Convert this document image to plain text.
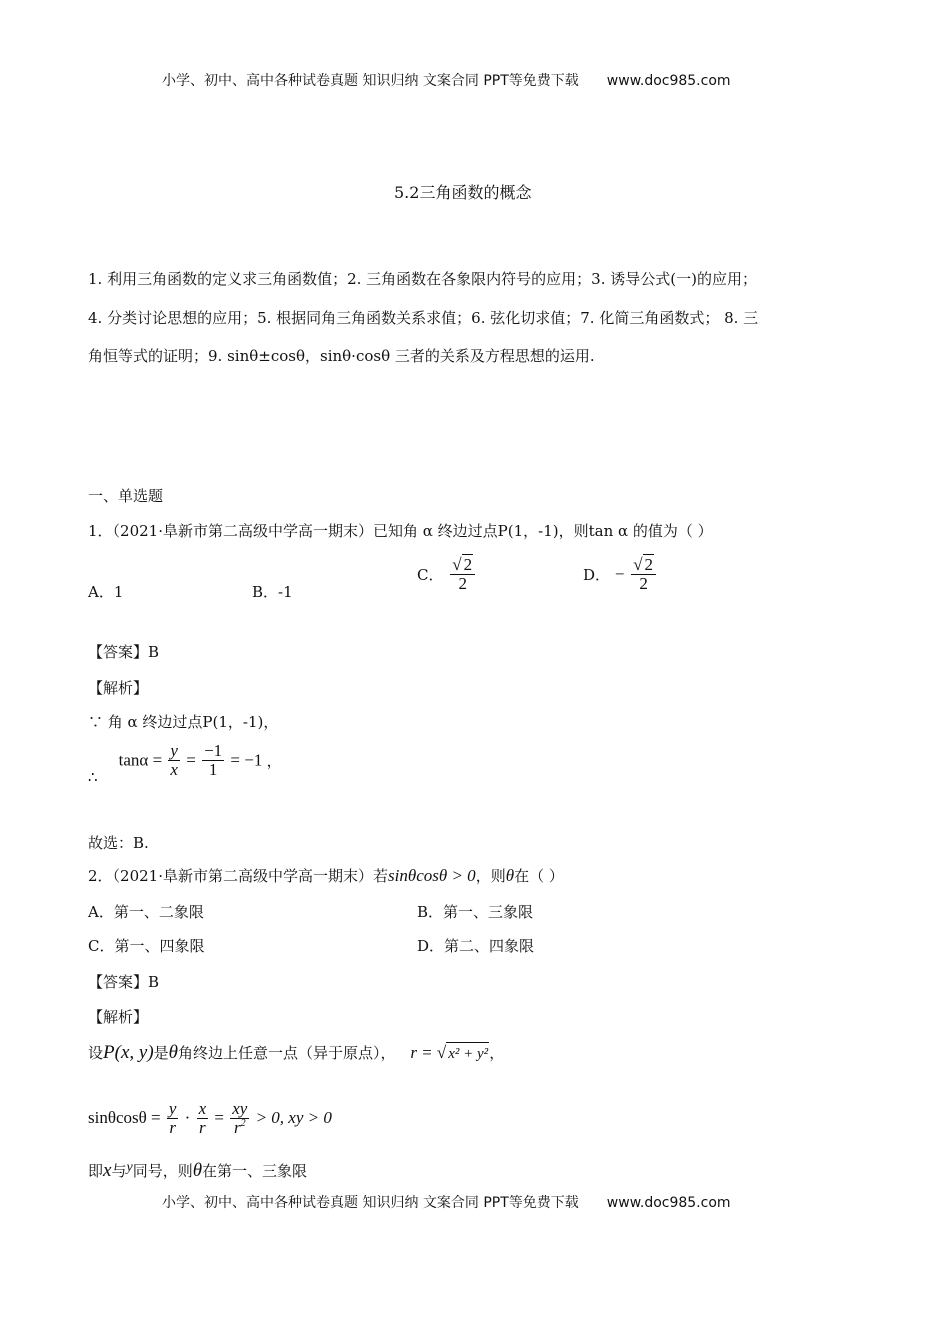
小学、初中、高中各种试卷真题 知识归纳 文案合同 PPT等免费下载 www.doc985.com
5.2三角函数的概念
1. 利用三角函数的定义求三角函数值；2. 三角函数在各象限内符号的应用；3. 诱导公式(一)的应用；
4. 分类讨论思想的应用；5. 根据同角三角函数关系求值；6. 弦化切求值；7. 化简三角函数式； 8. 三
角恒等式的证明；9. sinθ±cosθ，sinθ·cosθ 三者的关系及方程思想的运用.
一、单选题
1．（2021·阜新市第二高级中学高一期末）已知角 α 终边过点P(1，-1)，则tan α 的值为（ ）
A．1	B．-1
C． $\frac{√ 2}{2}$	D． − $\frac{√ 2}{2}$
【答案】B
【解析】
∵ 角 α 终边过点P(1，-1)，
∴ $\tan\alpha = \frac{y}{x} = \frac{-1}{1} = -1$ ，
故选：B.
2．（2021·阜新市第二高级中学高一期末）若sinθcosθ > 0，则θ在（ ）
A．第一、二象限	B．第一、三象限
C．第一、四象限	D．第二、四象限
【答案】B
【解析】
设P(x, y)是θ角终边上任意一点（异于原点）， r = √ x² + y²，
$\sin\theta\cos\theta = \frac{y}{r} \cdot \frac{x}{r} = \frac{xy}{r^2} > 0$, xy > 0
即x与y同号，则θ在第一、三象限
小学、初中、高中各种试卷真题 知识归纳 文案合同 PPT等免费下载 www.doc985.com
